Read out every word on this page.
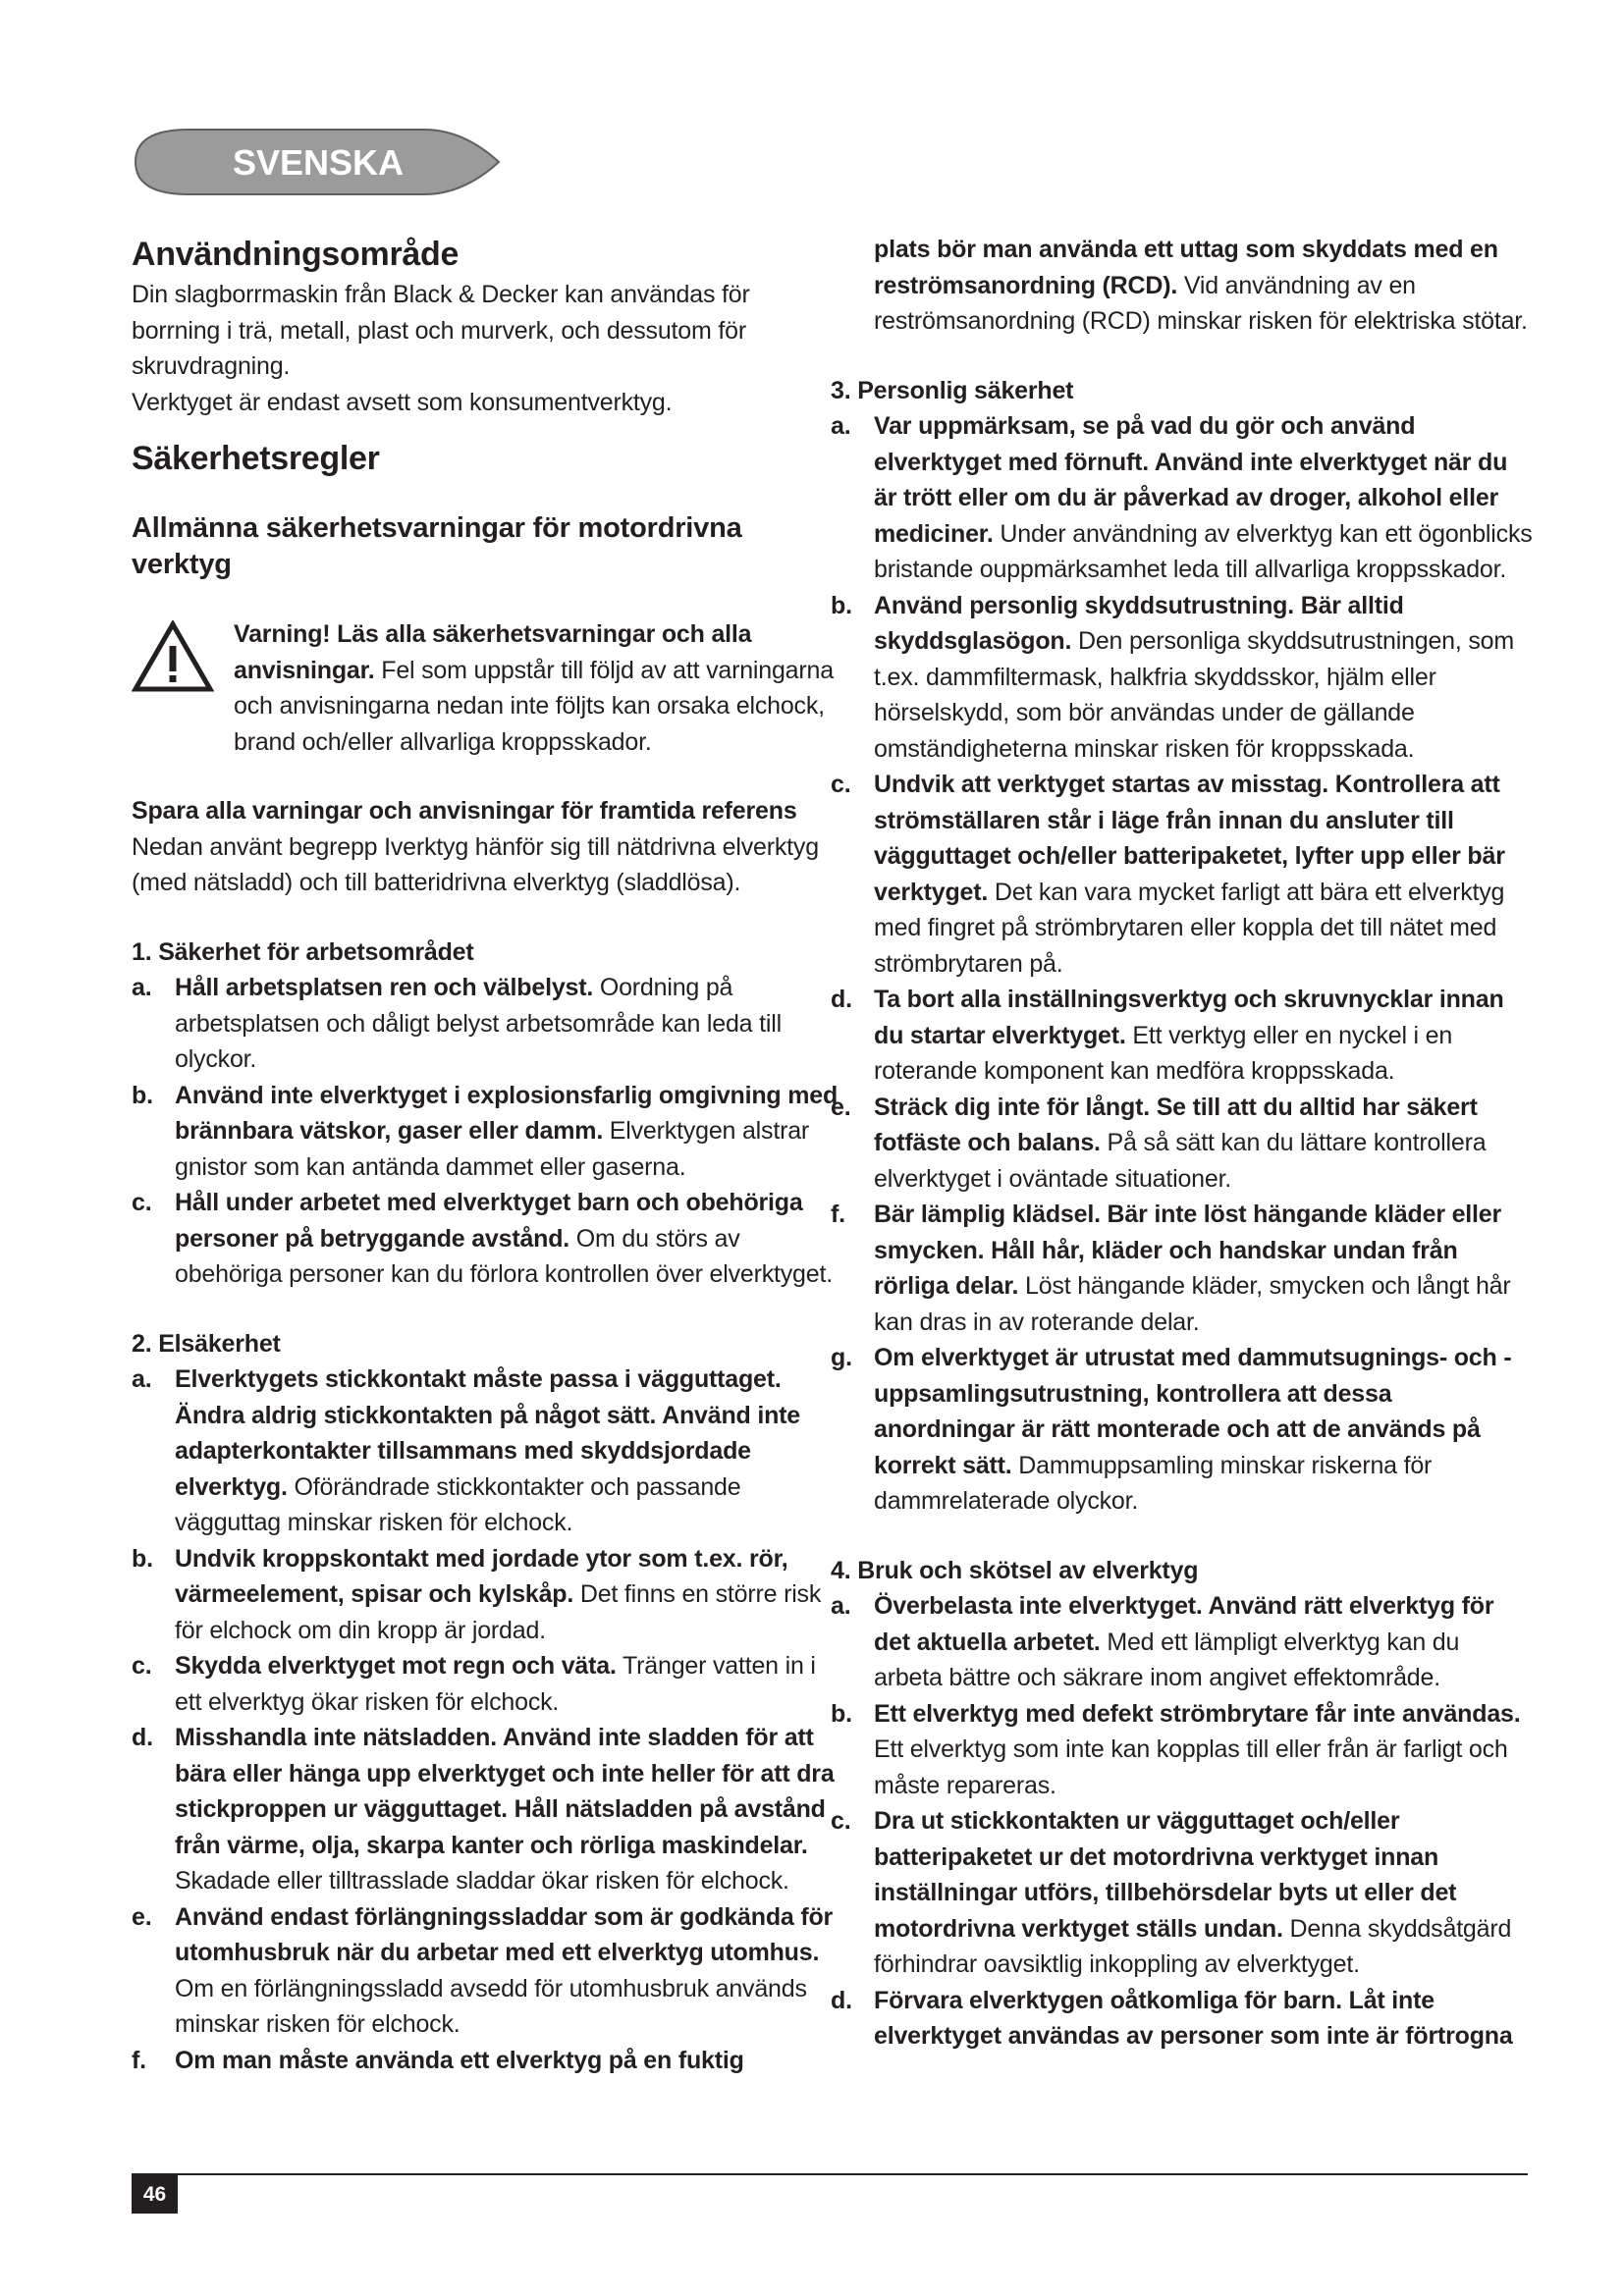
SVENSKA
Användningsområde

Din slagborrmaskin från Black & Decker kan användas för borrning i trä, metall, plast och murverk, och dessutom för skruvdragning.

Verktyget är endast avsett som konsumentverktyg.

Säkerhetsregler
Allmänna säkerhetsvarningar för motordrivna verktyg

Varning! Läs alla säkerhetsvarningar och alla anvisningar. Fel som uppstår till följd av att varningarna och anvisningarna nedan inte följts kan orsaka elchock, brand och/eller allvarliga kroppsskador.

Spara alla varningar och anvisningar för framtida referens

Nedan använt begrepp Iverktyg hänför sig till nätdrivna elverktyg (med nätsladd) och till batteridrivna elverktyg (sladdlösa).

1. Säkerhet för arbetsområdet

a. Håll arbetsplatsen ren och välbelyst. Oordning på arbetsplatsen och dåligt belyst arbetsområde kan leda till olyckor.
b. Använd inte elverktyget i explosionsfarlig omgivning med brännbara vätskor, gaser eller damm. Elverktygen alstrar gnistor som kan antända dammet eller gaserna.
c. Håll under arbetet med elverktyget barn och obehöriga personer på betryggande avstånd. Om du störs av obehöriga personer kan du förlora kontrollen över elverktyget.

2. Elsäkerhet

a. Elverktygets stickkontakt måste passa i vägguttaget. Ändra aldrig stickkontakten på något sätt. Använd inte adapterkontakter tillsammans med skyddsjordade elverktyg. Oförändrade stickkontakter och passande vägguttag minskar risken för elchock.
b. Undvik kroppskontakt med jordade ytor som t.ex. rör, värmeelement, spisar och kylskåp. Det finns en större risk för elchock om din kropp är jordad.
c. Skydda elverktyget mot regn och väta. Tränger vatten in i ett elverktyg ökar risken för elchock.
d. Misshandla inte nätsladden. Använd inte sladden för att bära eller hänga upp elverktyget och inte heller för att dra stickproppen ur vägguttaget. Håll nätsladden på avstånd från värme, olja, skarpa kanter och rörliga maskindelar. Skadade eller tilltrasslade sladdar ökar risken för elchock.
e. Använd endast förlängningssladdar som är godkända för utomhusbruk när du arbetar med ett elverktyg utomhus. Om en förlängningssladd avsedd för utomhusbruk används minskar risken för elchock.
f. Om man måste använda ett elverktyg på en fuktig
plats bör man använda ett uttag som skyddats med en reströmsanordning (RCD). Vid användning av en reströmsanordning (RCD) minskar risken för elektriska stötar.

3. Personlig säkerhet

a. Var uppmärksam, se på vad du gör och använd elverktyget med förnuft. Använd inte elverktyget när du är trött eller om du är påverkad av droger, alkohol eller mediciner. Under användning av elverktyg kan ett ögonblicks bristande ouppmärksamhet leda till allvarliga kroppsskador.
b. Använd personlig skyddsutrustning. Bär alltid skyddsglasögon. Den personliga skyddsutrustningen, som t.ex. dammfiltermask, halkfria skyddsskor, hjälm eller hörselskydd, som bör användas under de gällande omständigheterna minskar risken för kroppsskada.
c. Undvik att verktyget startas av misstag. Kontrollera att strömställaren står i läge från innan du ansluter till vägguttaget och/eller batteripaketet, lyfter upp eller bär verktyget. Det kan vara mycket farligt att bära ett elverktyg med fingret på strömbrytaren eller koppla det till nätet med strömbrytaren på.
d. Ta bort alla inställningsverktyg och skruvnycklar innan du startar elverktyget. Ett verktyg eller en nyckel i en roterande komponent kan medföra kroppsskada.
e. Sträck dig inte för långt. Se till att du alltid har säkert fotfäste och balans. På så sätt kan du lättare kontrollera elverktyget i oväntade situationer.
f. Bär lämplig klädsel. Bär inte löst hängande kläder eller smycken. Håll hår, kläder och handskar undan från rörliga delar. Löst hängande kläder, smycken och långt hår kan dras in av roterande delar.
g. Om elverktyget är utrustat med dammutsugnings- och -uppsamlingsutrustning, kontrollera att dessa anordningar är rätt monterade och att de används på korrekt sätt. Dammuppsamling minskar riskerna för dammrelaterade olyckor.

4. Bruk och skötsel av elverktyg

a. Överbelasta inte elverktyget. Använd rätt elverktyg för det aktuella arbetet. Med ett lämpligt elverktyg kan du arbeta bättre och säkrare inom angivet effektområde.
b. Ett elverktyg med defekt strömbrytare får inte användas. Ett elverktyg som inte kan kopplas till eller från är farligt och måste repareras.
c. Dra ut stickkontakten ur vägguttaget och/eller batteripaketet ur det motordrivna verktyget innan inställningar utförs, tillbehörsdelar byts ut eller det motordrivna verktyget ställs undan. Denna skyddsåtgärd förhindrar oavsiktlig inkoppling av elverktyget.
d. Förvara elverktygen oåtkomliga för barn. Låt inte elverktyget användas av personer som inte är förtrogna
46
